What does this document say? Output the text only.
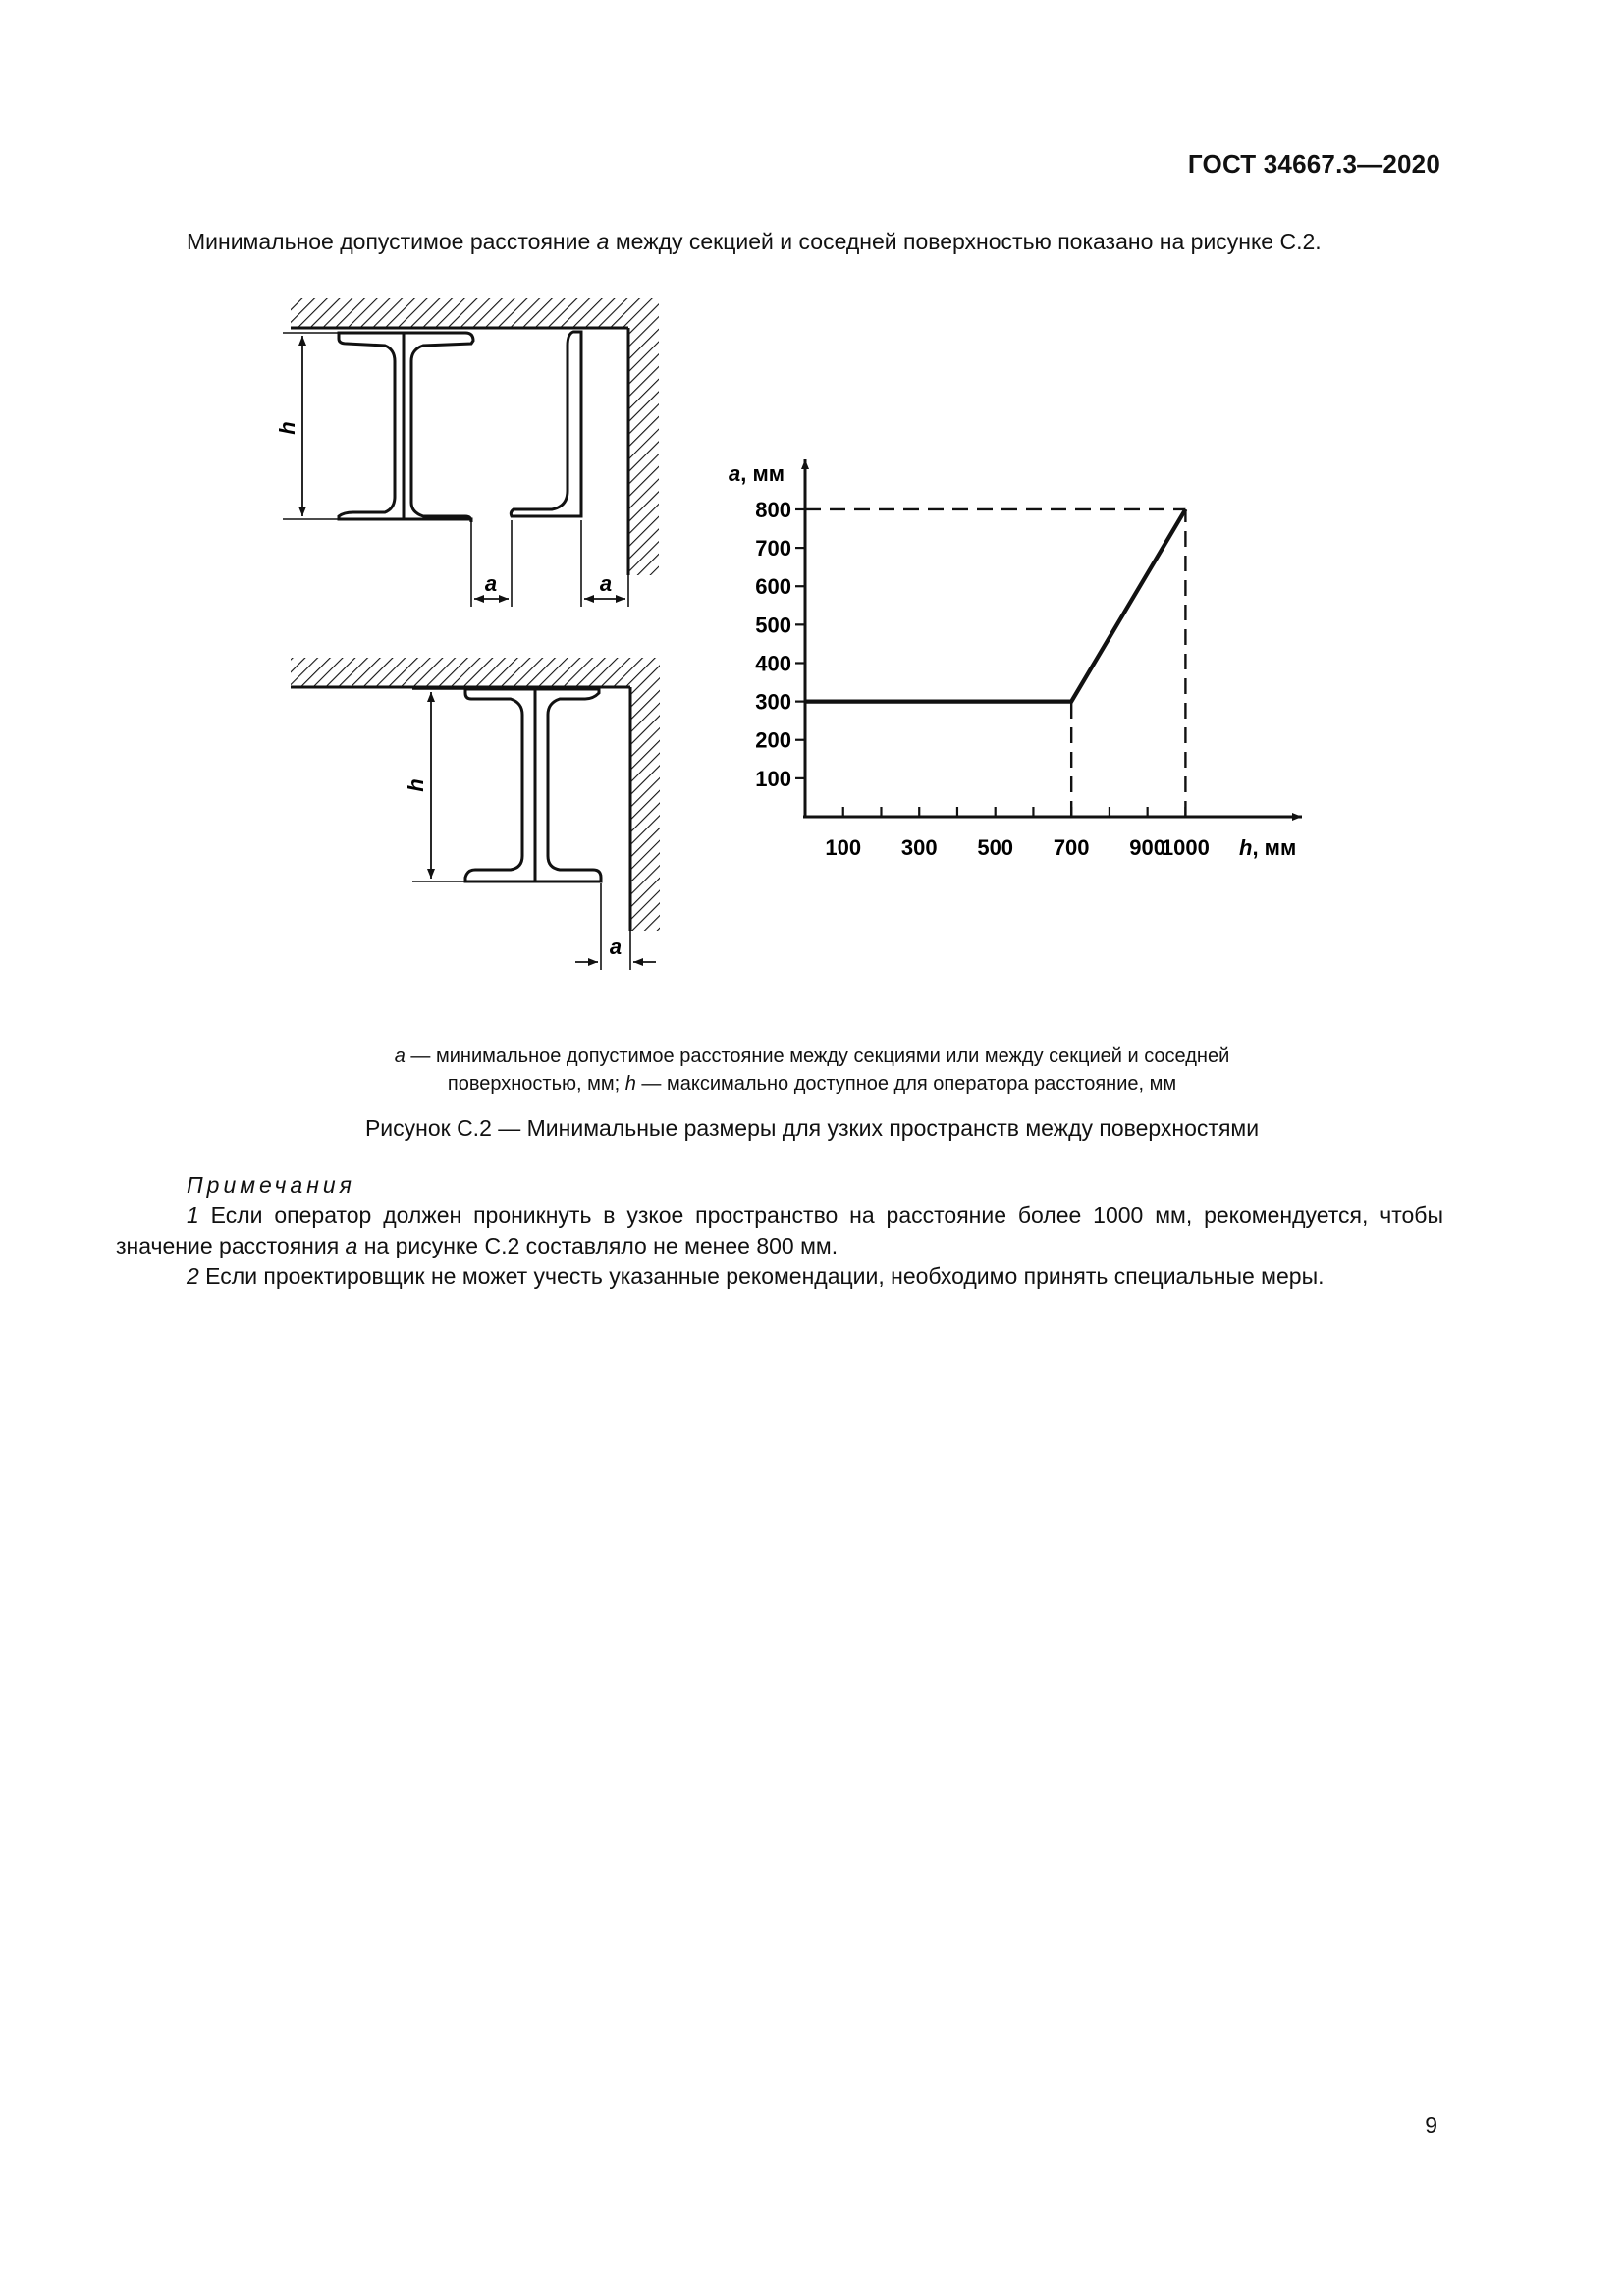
ГОСТ 34667.3—2020
Минимальное допустимое расстояние a между секцией и соседней поверхностью показано на рисунке С.2.
h
a	a
h
a
a, мм
h, мм
100
200
300
400
500
600
700
800
100 300 500 700 900
1000
a — минимальное допустимое расстояние между секциями или между секцией и соседней
поверхностью, мм; h — максимально доступное для оператора расстояние, мм
Рисунок С.2 — Минимальные размеры для узких пространств между поверхностями
Примечания
1 Если оператор должен проникнуть в узкое пространство на расстояние более 1000 мм, рекомендуется, чтобы значение расстояния а на рисунке С.2 составляло не менее 800 мм.
2 Если проектировщик не может учесть указанные рекомендации, необходимо принять специальные меры.
9
